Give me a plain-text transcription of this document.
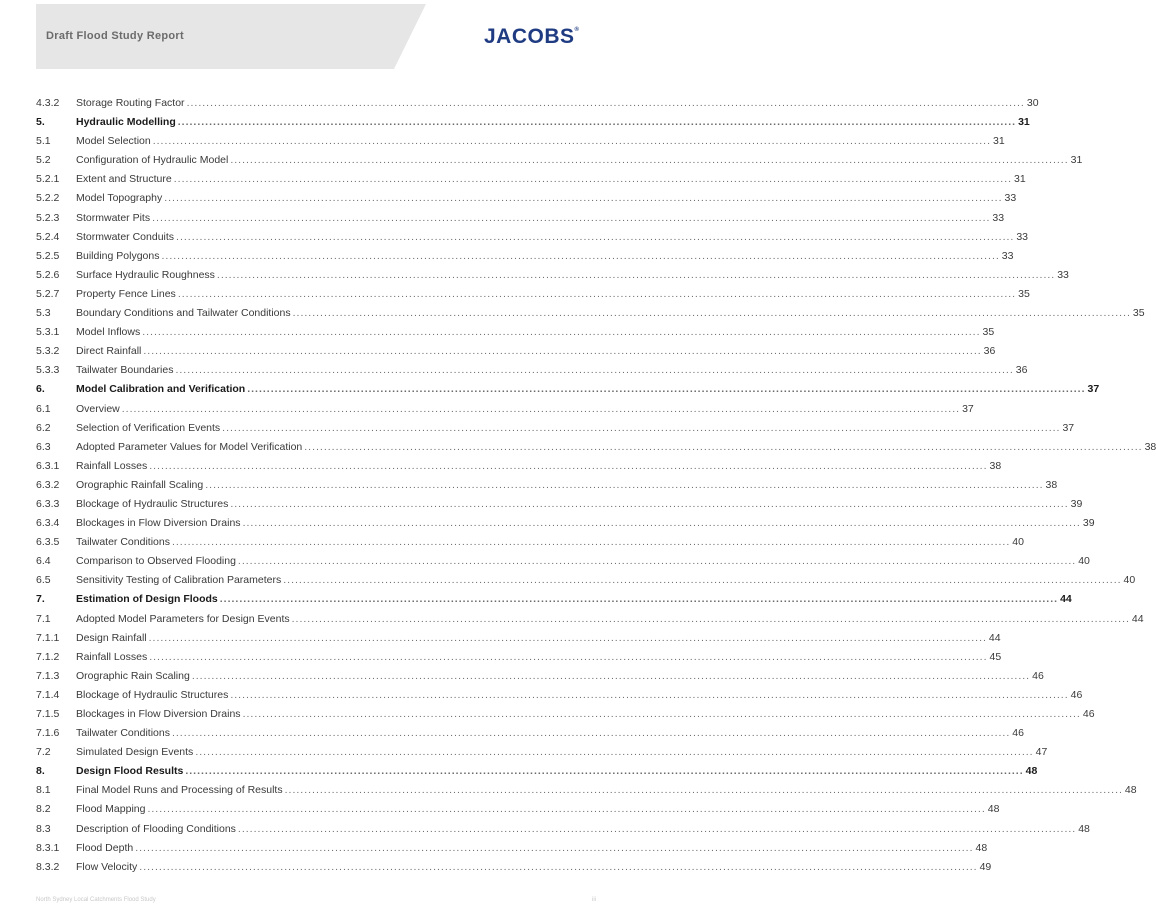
Draft Flood Study Report	JACOBS®
4.3.2	Storage Routing Factor .....	30
5.	Hydraulic Modelling .....	31
5.1	Model Selection .....	31
5.2	Configuration of Hydraulic Model .....	31
5.2.1	Extent and Structure .....	31
5.2.2	Model Topography .....	33
5.2.3	Stormwater Pits .....	33
5.2.4	Stormwater Conduits .....	33
5.2.5	Building Polygons .....	33
5.2.6	Surface Hydraulic Roughness .....	33
5.2.7	Property Fence Lines .....	35
5.3	Boundary Conditions and Tailwater Conditions .....	35
5.3.1	Model Inflows .....	35
5.3.2	Direct Rainfall .....	36
5.3.3	Tailwater Boundaries .....	36
6.	Model Calibration and Verification .....	37
6.1	Overview .....	37
6.2	Selection of Verification Events .....	37
6.3	Adopted Parameter Values for Model Verification .....	38
6.3.1	Rainfall Losses .....	38
6.3.2	Orographic Rainfall Scaling .....	38
6.3.3	Blockage of Hydraulic Structures .....	39
6.3.4	Blockages in Flow Diversion Drains .....	39
6.3.5	Tailwater Conditions .....	40
6.4	Comparison to Observed Flooding .....	40
6.5	Sensitivity Testing of Calibration Parameters .....	40
7.	Estimation of Design Floods .....	44
7.1	Adopted Model Parameters for Design Events .....	44
7.1.1	Design Rainfall .....	44
7.1.2	Rainfall Losses .....	45
7.1.3	Orographic Rain Scaling .....	46
7.1.4	Blockage of Hydraulic Structures .....	46
7.1.5	Blockages in Flow Diversion Drains .....	46
7.1.6	Tailwater Conditions .....	46
7.2	Simulated Design Events .....	47
8.	Design Flood Results .....	48
8.1	Final Model Runs and Processing of Results .....	48
8.2	Flood Mapping .....	48
8.3	Description of Flooding Conditions .....	48
8.3.1	Flood Depth .....	48
8.3.2	Flow Velocity .....	49
North Sydney Local Catchments Flood Study	iii
